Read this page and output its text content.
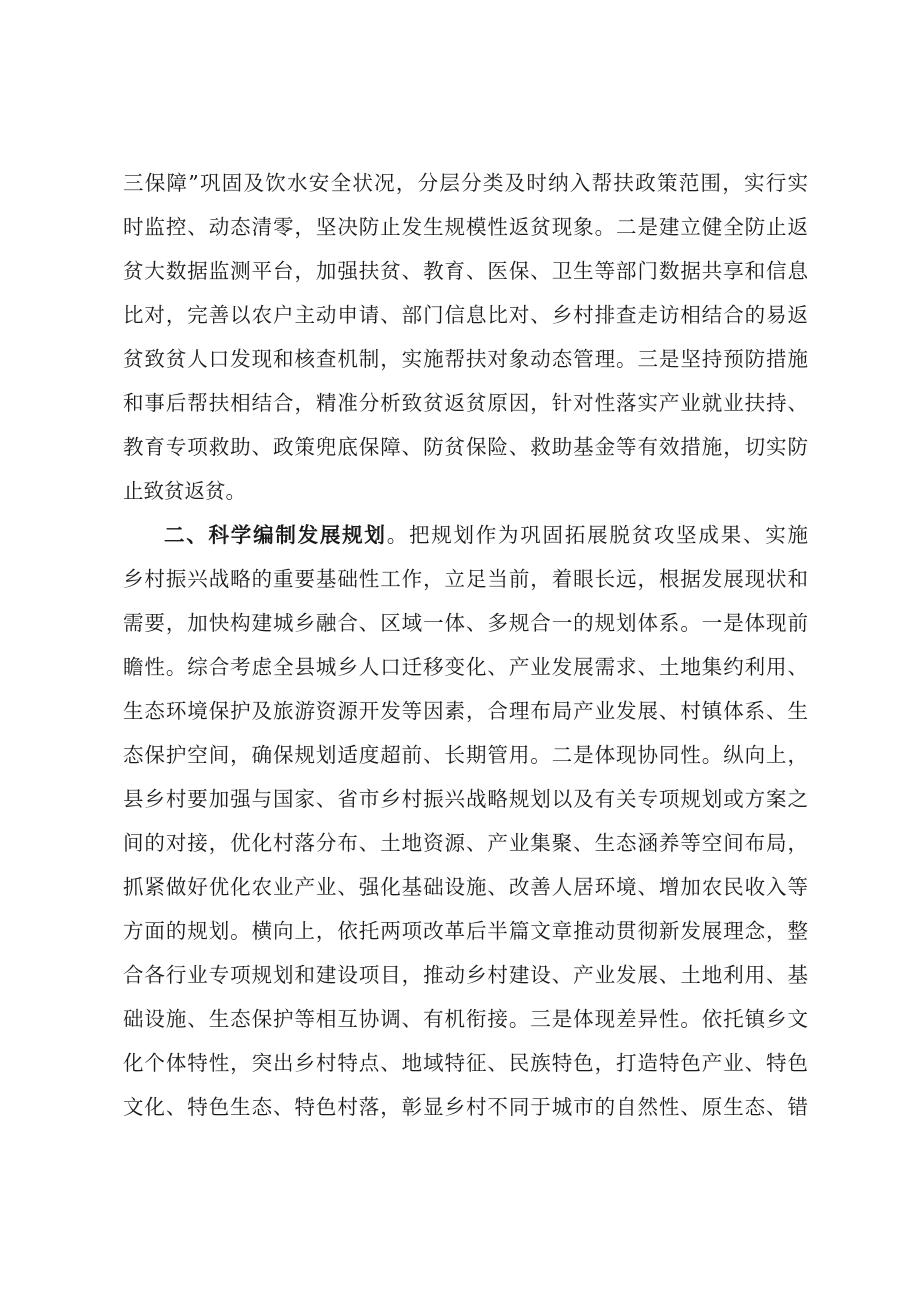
三保障”巩固及饮水安全状况，分层分类及时纳入帮扶政策范围，实行实
时监控、动态清零，坚决防止发生规模性返贫现象。二是建立健全防止返
贫大数据监测平台，加强扶贫、教育、医保、卫生等部门数据共享和信息
比对，完善以农户主动申请、部门信息比对、乡村排查走访相结合的易返
贫致贫人口发现和核查机制，实施帮扶对象动态管理。三是坚持预防措施
和事后帮扶相结合，精准分析致贫返贫原因，针对性落实产业就业扶持、
教育专项救助、政策兜底保障、防贫保险、救助基金等有效措施，切实防
止致贫返贫。
二、科学编制发展规划。把规划作为巩固拓展脱贫攻坚成果、实施
乡村振兴战略的重要基础性工作，立足当前，着眼长远，根据发展现状和
需要，加快构建城乡融合、区域一体、多规合一的规划体系。一是体现前
瞻性。综合考虑全县城乡人口迁移变化、产业发展需求、土地集约利用、
生态环境保护及旅游资源开发等因素，合理布局产业发展、村镇体系、生
态保护空间，确保规划适度超前、长期管用。二是体现协同性。纵向上，
县乡村要加强与国家、省市乡村振兴战略规划以及有关专项规划或方案之
间的对接，优化村落分布、土地资源、产业集聚、生态涵养等空间布局，
抓紧做好优化农业产业、强化基础设施、改善人居环境、增加农民收入等
方面的规划。横向上，依托两项改革后半篇文章推动贯彻新发展理念，整
合各行业专项规划和建设项目，推动乡村建设、产业发展、土地利用、基
础设施、生态保护等相互协调、有机衔接。三是体现差异性。依托镇乡文
化个体特性，突出乡村特点、地域特征、民族特色，打造特色产业、特色
文化、特色生态、特色村落，彰显乡村不同于城市的自然性、原生态、错
